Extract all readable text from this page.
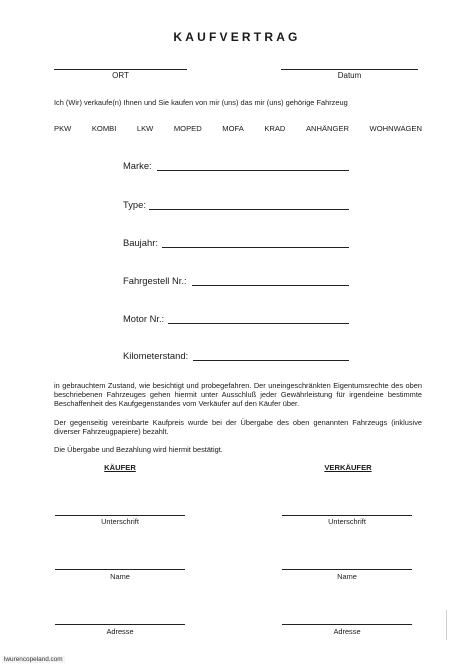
KAUFVERTRAG
ORT	Datum
Ich (Wir) verkaufe(n) Ihnen und Sie kaufen von mir (uns) das mir (uns) gehörige Fahrzeug
PKW	KOMBI	LKW	MOPED	MOFA	KRAD	ANHÄNGER	WOHNWAGEN
Marke:
Type:
Baujahr:
Fahrgestell Nr.:
Motor Nr.:
Kilometerstand:
in gebrauchtem Zustand, wie besichtigt und probegefahren. Der uneingeschränkten Eigentumsrechte des oben beschriebenen Fahrzeuges gehen hiermit unter Ausschluß jeder Gewährleistung für irgendeine bestimmte Beschaffenheit des Kaufgegenstandes vom Verkäufer auf den Käufer über.
Der gegenseitig vereinbarte Kaufpreis wurde bei der Übergabe des oben genannten Fahrzeugs (inklusive diverser Fahrzeugpapiere) bezahlt.
Die Übergabe und Bezahlung wird hiermit bestätigt.
KÄUFER
Unterschrift
Name
Adresse
VERKÄUFER
Unterschrift
Name
Adresse
lwurencopeland.com
